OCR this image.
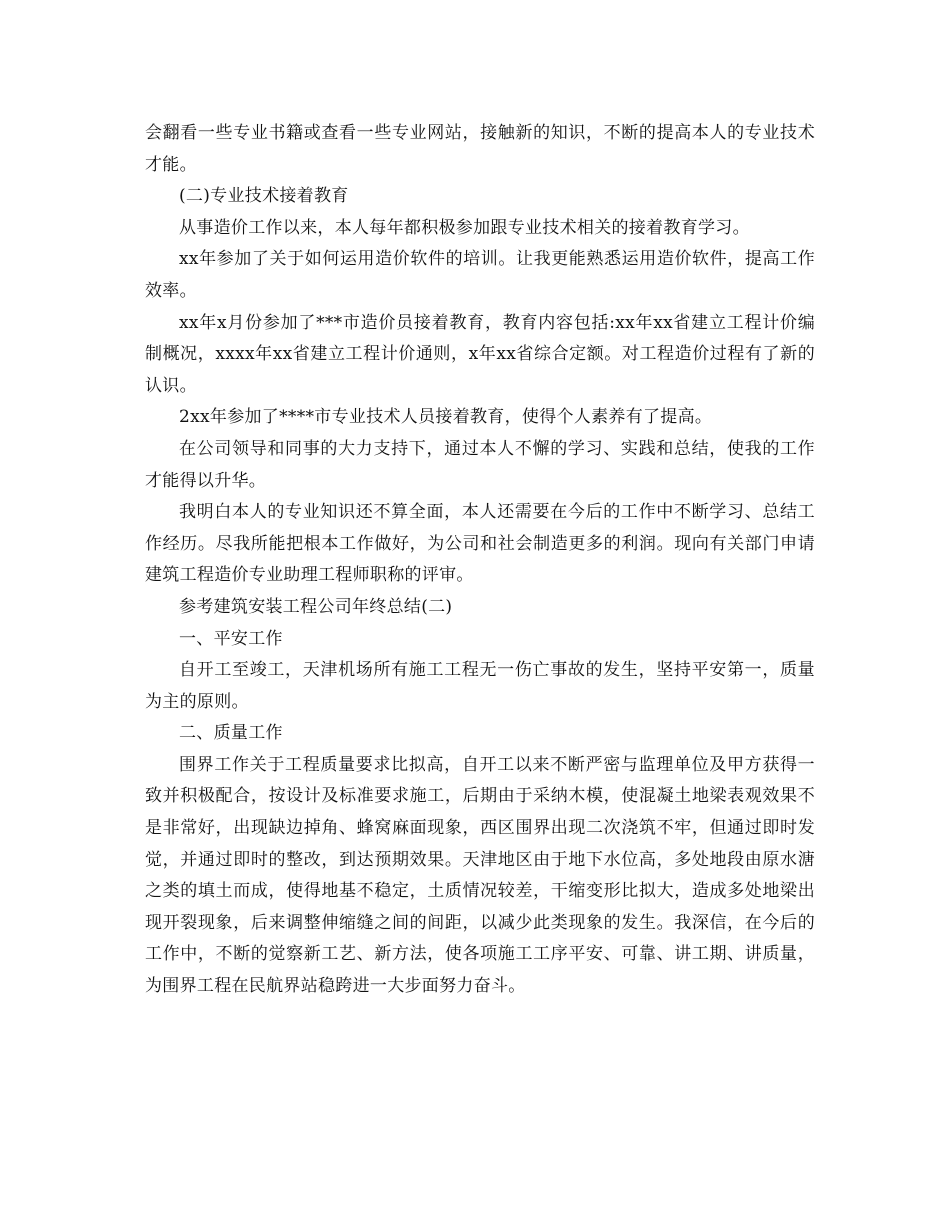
会翻看一些专业书籍或查看一些专业网站，接触新的知识，不断的提高本人的专业技术才能。

(二)专业技术接着教育

从事造价工作以来，本人每年都积极参加跟专业技术相关的接着教育学习。

xx年参加了关于如何运用造价软件的培训。让我更能熟悉运用造价软件，提高工作效率。

xx年x月份参加了***市造价员接着教育，教育内容包括:xx年xx省建立工程计价编制概况，xxxx年xx省建立工程计价通则，x年xx省综合定额。对工程造价过程有了新的认识。

2xx年参加了****市专业技术人员接着教育，使得个人素养有了提高。

在公司领导和同事的大力支持下，通过本人不懈的学习、实践和总结，使我的工作才能得以升华。

我明白本人的专业知识还不算全面，本人还需要在今后的工作中不断学习、总结工作经历。尽我所能把根本工作做好，为公司和社会制造更多的利润。现向有关部门申请建筑工程造价专业助理工程师职称的评审。

参考建筑安装工程公司年终总结(二)

一、平安工作

自开工至竣工，天津机场所有施工工程无一伤亡事故的发生，坚持平安第一，质量为主的原则。

二、质量工作

围界工作关于工程质量要求比拟高，自开工以来不断严密与监理单位及甲方获得一致并积极配合，按设计及标准要求施工，后期由于采纳木模，使混凝土地梁表观效果不是非常好，出现缺边掉角、蜂窝麻面现象，西区围界出现二次浇筑不牢，但通过即时发觉，并通过即时的整改，到达预期效果。天津地区由于地下水位高，多处地段由原水溏之类的填土而成，使得地基不稳定，土质情况较差，干缩变形比拟大，造成多处地梁出现开裂现象，后来调整伸缩缝之间的间距，以减少此类现象的发生。我深信，在今后的工作中，不断的觉察新工艺、新方法，使各项施工工序平安、可靠、讲工期、讲质量，为围界工程在民航界站稳跨进一大步面努力奋斗。
